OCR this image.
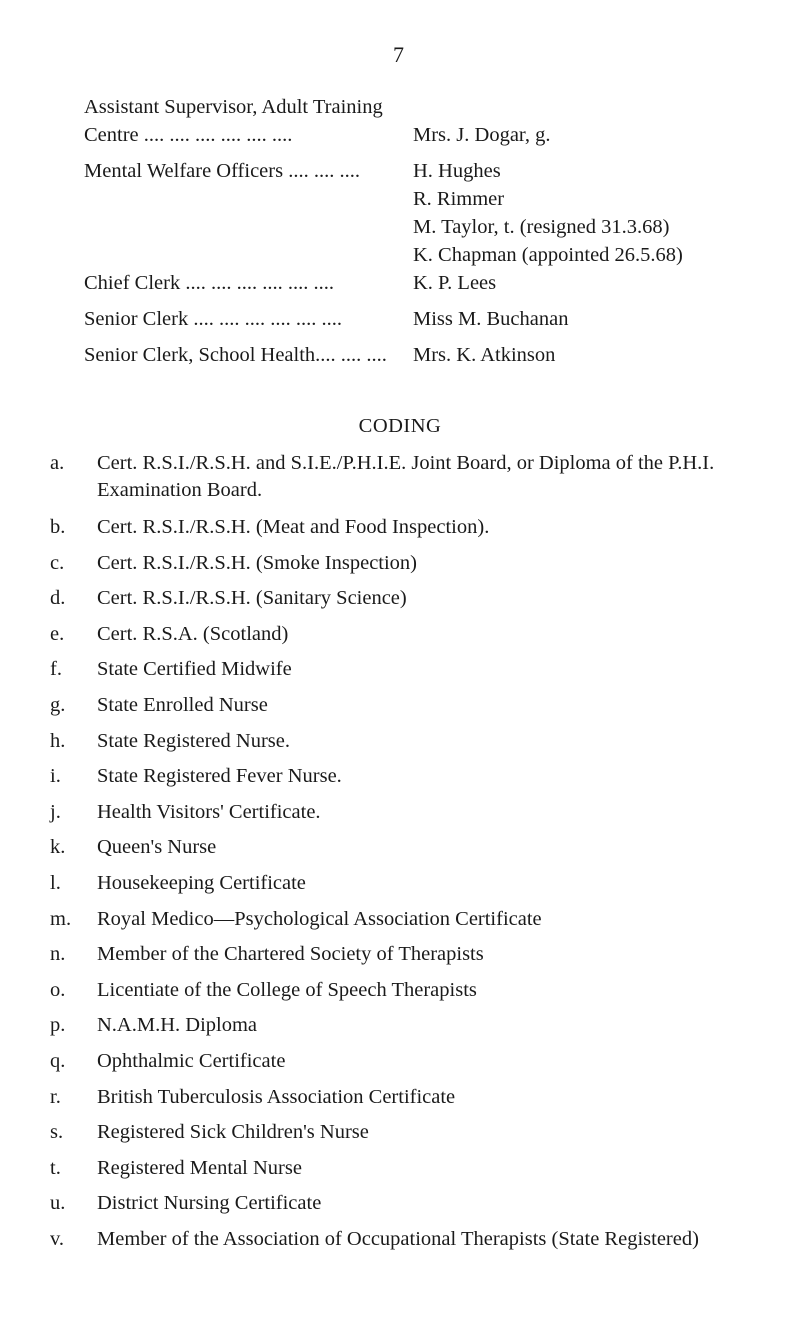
7
Assistant Supervisor, Adult Training
Centre .... .... .... .... .... ....	Mrs. J. Dogar, g.
Mental Welfare Officers .... .... ....	H. Hughes
R. Rimmer
M. Taylor, t. (resigned 31.3.68)
K. Chapman (appointed 26.5.68)
Chief Clerk .... .... .... .... .... ....	K. P. Lees
Senior Clerk .... .... .... .... .... ....	Miss M. Buchanan
Senior Clerk, School Health.... .... ....	Mrs. K. Atkinson
CODING
a. Cert. R.S.I./R.S.H. and S.I.E./P.H.I.E. Joint Board, or Diploma of the P.H.I. Examination Board.
b. Cert. R.S.I./R.S.H. (Meat and Food Inspection).
c. Cert. R.S.I./R.S.H. (Smoke Inspection)
d. Cert. R.S.I./R.S.H. (Sanitary Science)
e. Cert. R.S.A. (Scotland)
f. State Certified Midwife
g. State Enrolled Nurse
h. State Registered Nurse.
i. State Registered Fever Nurse.
j. Health Visitors' Certificate.
k. Queen's Nurse
l. Housekeeping Certificate
m. Royal Medico—Psychological Association Certificate
n. Member of the Chartered Society of Therapists
o. Licentiate of the College of Speech Therapists
p. N.A.M.H. Diploma
q. Ophthalmic Certificate
r. British Tuberculosis Association Certificate
s. Registered Sick Children's Nurse
t. Registered Mental Nurse
u. District Nursing Certificate
v. Member of the Association of Occupational Therapists (State Registered)
